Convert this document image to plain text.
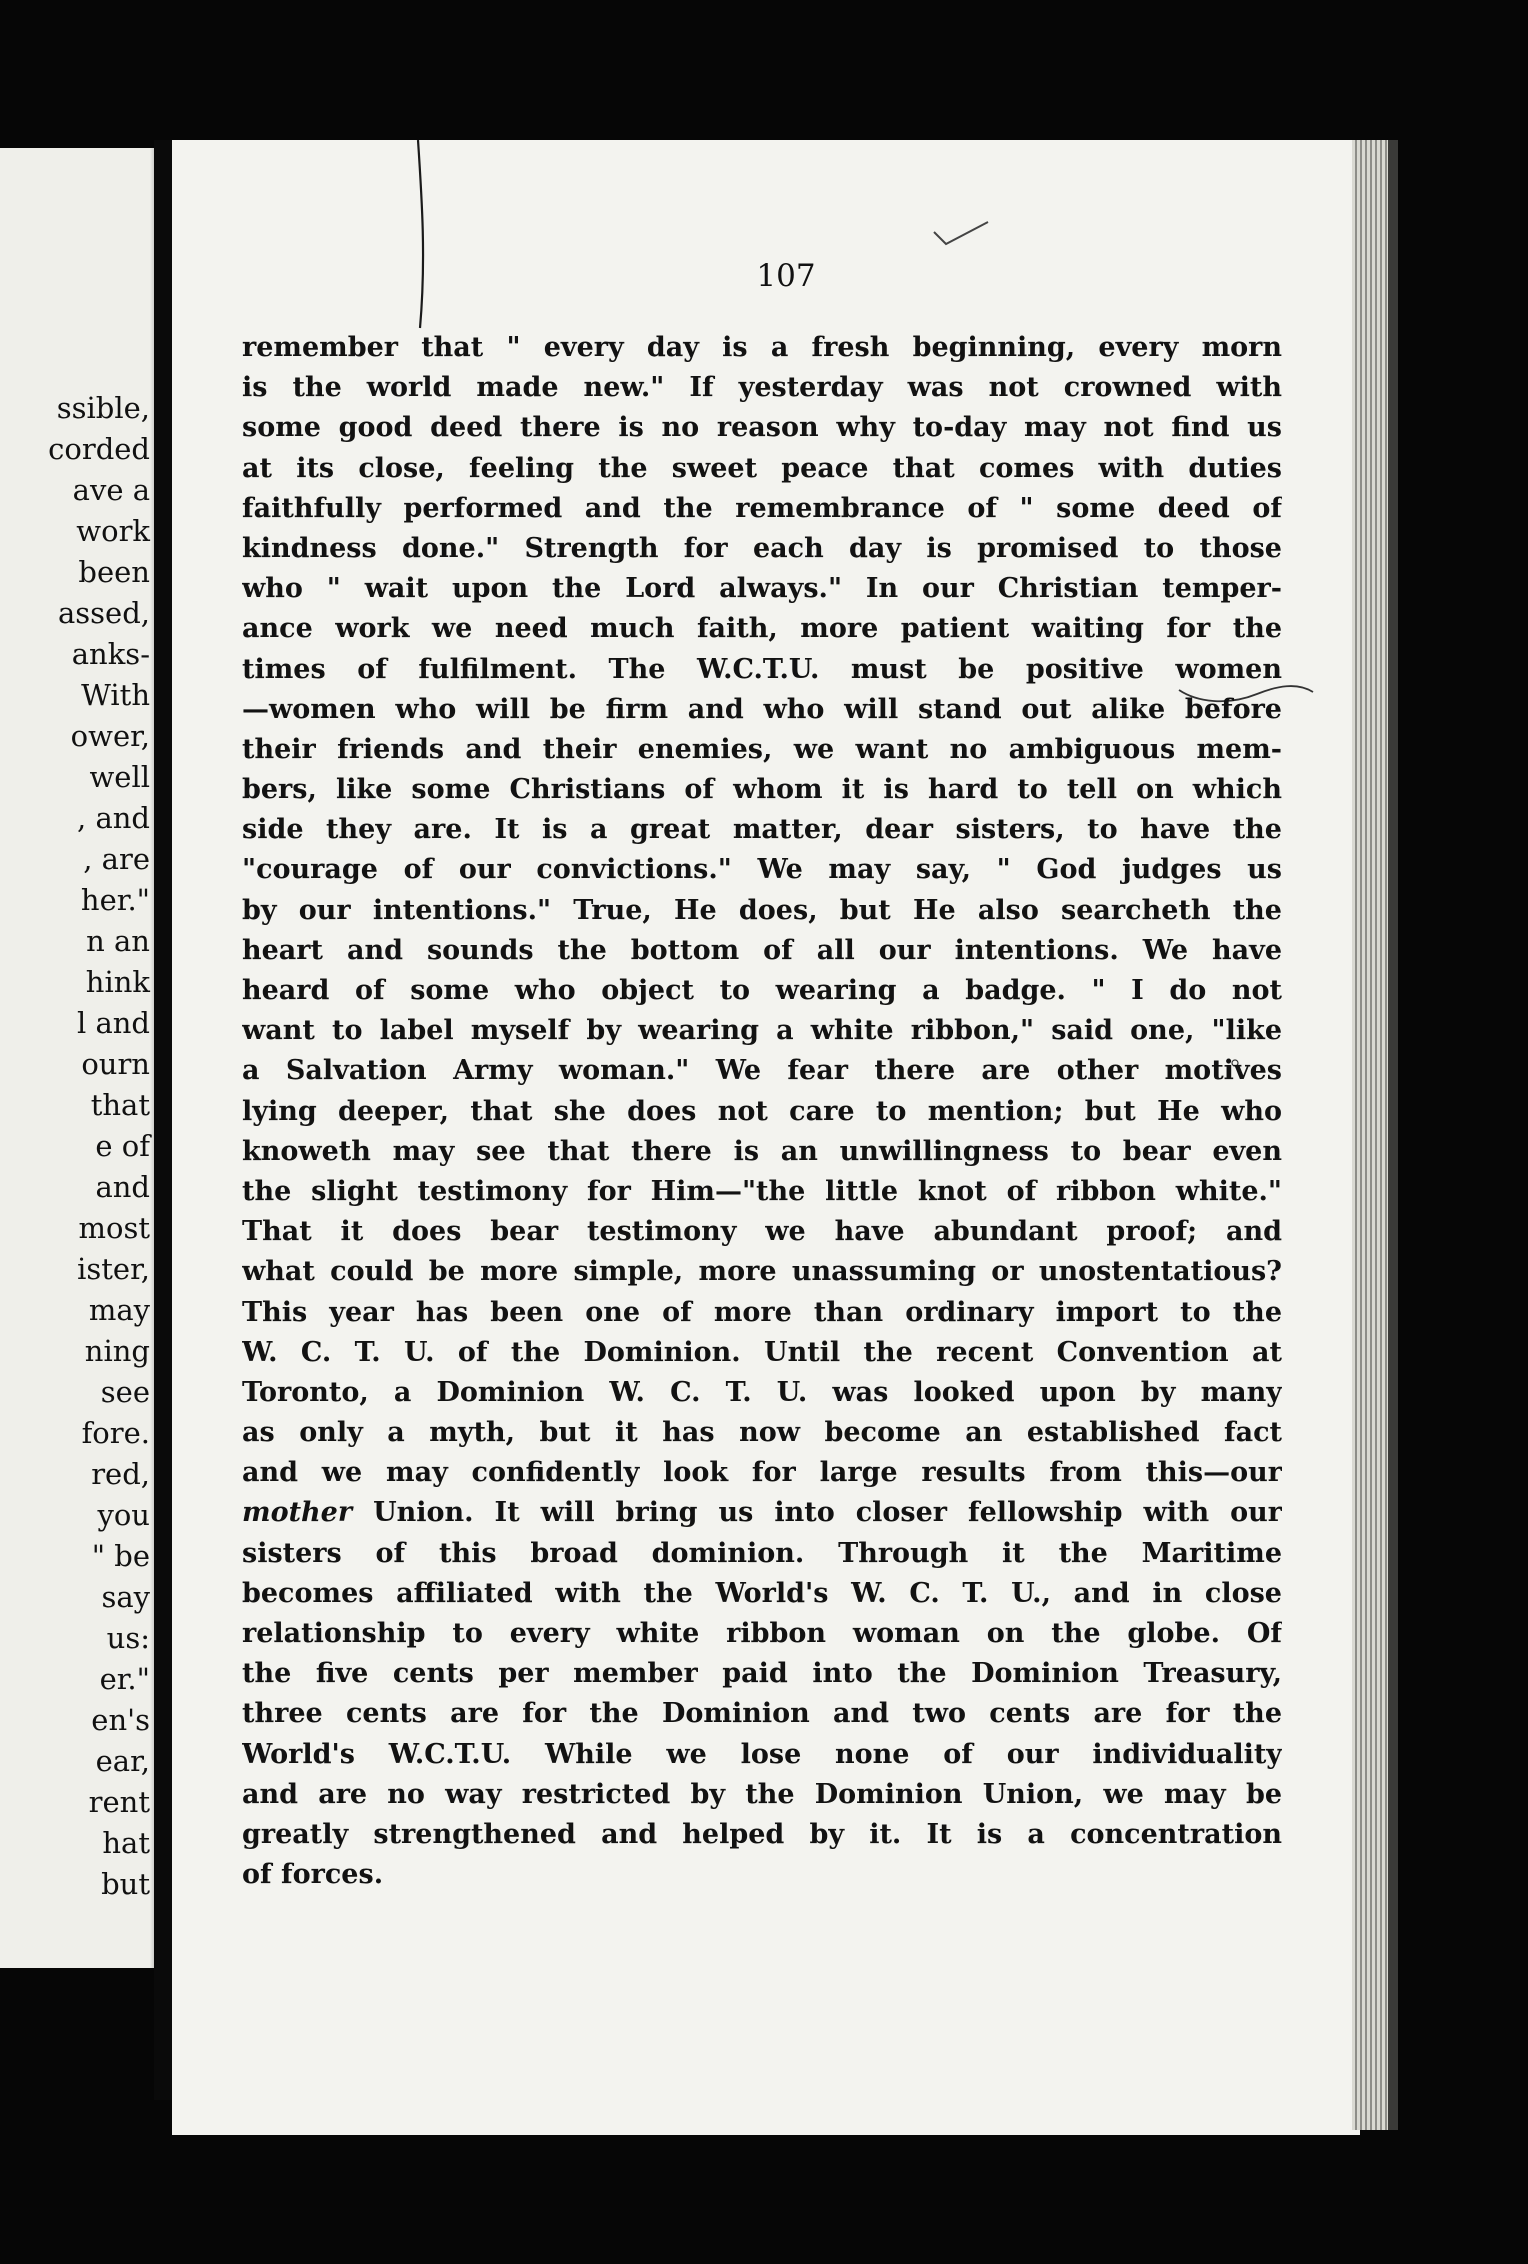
ssible,
corded
ave a
work
been
assed,
anks-
With
ower,
well
, and
, are
her."
n an
hink
l and
ourn
that
e of
and
most
ister,
may
ning
see
fore.
red,
you
" be
say
us:
er."
en's
ear,
rent
hat
but
107
remember that " every day is a fresh beginning, every morn
is the world made new." If yesterday was not crowned with
some good deed there is no reason why to-day may not find us
at its close, feeling the sweet peace that comes with duties
faithfully performed and the remembrance of " some deed of
kindness done." Strength for each day is promised to those
who " wait upon the Lord always." In our Christian temper-
ance work we need much faith, more patient waiting for the
times of fulfilment. The W.C.T.U. must be positive women
—women who will be firm and who will stand out alike before
their friends and their enemies, we want no ambiguous mem-
bers, like some Christians of whom it is hard to tell on which
side they are. It is a great matter, dear sisters, to have the
"courage of our convictions." We may say, " God judges us
by our intentions." True, He does, but He also searcheth the
heart and sounds the bottom of all our intentions. We have
heard of some who object to wearing a badge. " I do not
want to label myself by wearing a white ribbon," said one, "like
a Salvation Army woman." We fear there are other motives
lying deeper, that she does not care to mention; but He who
knoweth may see that there is an unwillingness to bear even
the slight testimony for Him—"the little knot of ribbon white."
That it does bear testimony we have abundant proof; and
what could be more simple, more unassuming or unostentatious?
This year has been one of more than ordinary import to the
W. C. T. U. of the Dominion. Until the recent Convention at
Toronto, a Dominion W. C. T. U. was looked upon by many
as only a myth, but it has now become an established fact
and we may confidently look for large results from this—our
mother Union. It will bring us into closer fellowship with our
sisters of this broad dominion. Through it the Maritime
becomes affiliated with the World's W. C. T. U., and in close
relationship to every white ribbon woman on the globe. Of
the five cents per member paid into the Dominion Treasury,
three cents are for the Dominion and two cents are for the
World's W.C.T.U. While we lose none of our individuality
and are no way restricted by the Dominion Union, we may be
greatly strengthened and helped by it. It is a concentration
of forces.
